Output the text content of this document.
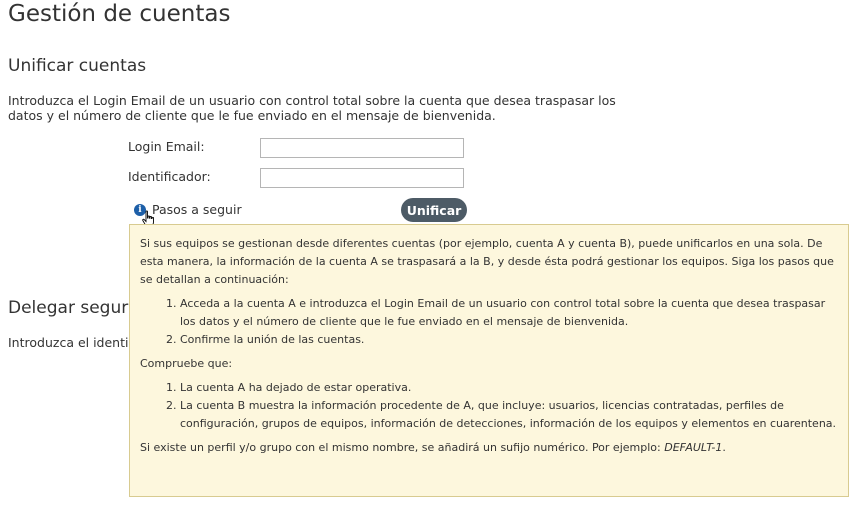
Gestión de cuentas
Unificar cuentas
Introduzca el Login Email de un usuario con control total sobre la cuenta que desea traspasar los datos y el número de cliente que le fue enviado en el mensaje de bienvenida.
Login Email:
Identificador:
i Pasos a seguir	Unificar
Delegar segur
Introduzca el identi

Si sus equipos se gestionan desde diferentes cuentas (por ejemplo, cuenta A y cuenta B), puede unificarlos en una sola. De esta manera, la información de la cuenta A se traspasará a la B, y desde ésta podrá gestionar los equipos. Siga los pasos que se detallan a continuación:

1. Acceda a la cuenta A e introduzca el Login Email de un usuario con control total sobre la cuenta que desea traspasar los datos y el número de cliente que le fue enviado en el mensaje de bienvenida.
2. Confirme la unión de las cuentas.

Compruebe que:

1. La cuenta A ha dejado de estar operativa.
2. La cuenta B muestra la información procedente de A, que incluye: usuarios, licencias contratadas, perfiles de configuración, grupos de equipos, información de detecciones, información de los equipos y elementos en cuarentena.

Si existe un perfil y/o grupo con el mismo nombre, se añadirá un sufijo numérico. Por ejemplo: DEFAULT-1.
